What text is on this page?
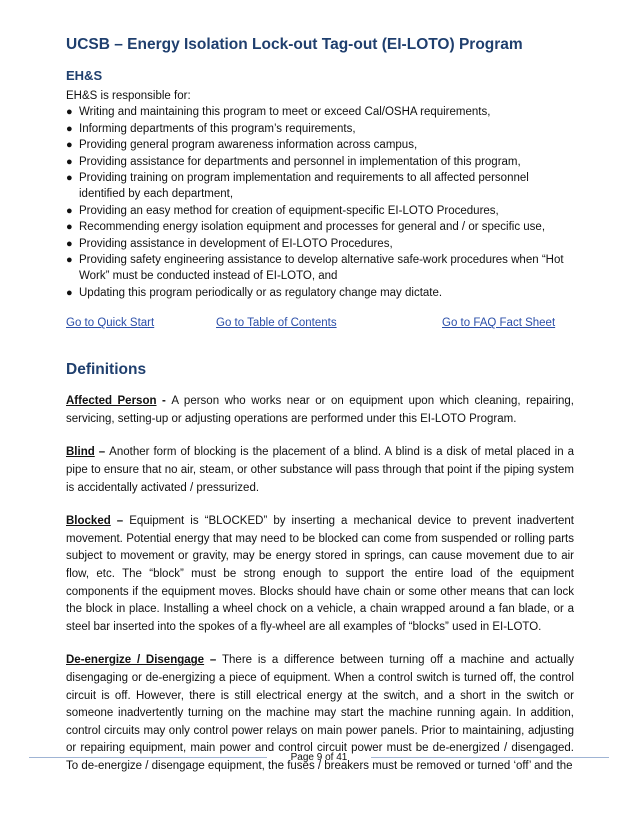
UCSB – Energy Isolation Lock-out Tag-out (EI-LOTO) Program
EH&S

EH&S is responsible for:

● Writing and maintaining this program to meet or exceed Cal/OSHA requirements,
● Informing departments of this program’s requirements,
● Providing general program awareness information across campus,
● Providing assistance for departments and personnel in implementation of this program,
● Providing training on program implementation and requirements to all affected personnel identified by each department,
● Providing an easy method for creation of equipment-specific EI-LOTO Procedures,
● Recommending energy isolation equipment and processes for general and / or specific use,
● Providing assistance in development of EI-LOTO Procedures,
● Providing safety engineering assistance to develop alternative safe-work procedures when “Hot Work” must be conducted instead of EI-LOTO, and
● Updating this program periodically or as regulatory change may dictate.
Go to Quick Start	Go to Table of Contents	Go to FAQ Fact Sheet
Definitions

Affected Person - A person who works near or on equipment upon which cleaning, repairing, servicing, setting-up or adjusting operations are performed under this EI-LOTO Program.

Blind – Another form of blocking is the placement of a blind. A blind is a disk of metal placed in a pipe to ensure that no air, steam, or other substance will pass through that point if the piping system is accidentally activated / pressurized.

Blocked – Equipment is “BLOCKED” by inserting a mechanical device to prevent inadvertent movement. Potential energy that may need to be blocked can come from suspended or rolling parts subject to movement or gravity, may be energy stored in springs, can cause movement due to air flow, etc. The “block” must be strong enough to support the entire load of the equipment components if the equipment moves. Blocks should have chain or some other means that can lock the block in place. Installing a wheel chock on a vehicle, a chain wrapped around a fan blade, or a steel bar inserted into the spokes of a fly-wheel are all examples of “blocks” used in EI-LOTO.

De-energize / Disengage – There is a difference between turning off a machine and actually disengaging or de-energizing a piece of equipment. When a control switch is turned off, the control circuit is off. However, there is still electrical energy at the switch, and a short in the switch or someone inadvertently turning on the machine may start the machine running again. In addition, control circuits may only control power relays on main power panels. Prior to maintaining, adjusting or repairing equipment, main power and control circuit power must be de-energized / disengaged. To de-energize / disengage equipment, the fuses / breakers must be removed or turned ‘off’ and the

Page 9 of 41
